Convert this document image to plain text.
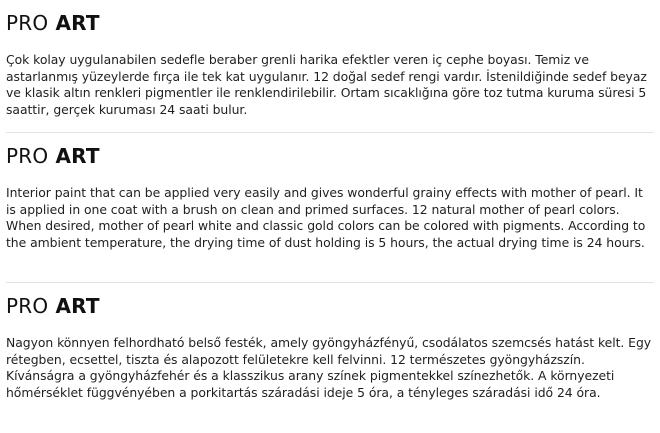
PRO ART

Çok kolay uygulanabilen sedefle beraber grenli harika efektler veren iç cephe boyası. Temiz ve astarlanmış yüzeylerde fırça ile tek kat uygulanır. 12 doğal sedef rengi vardır. İstenildiğinde sedef beyaz ve klasik altın renkleri pigmentler ile renklendirilebilir. Ortam sıcaklığına göre toz tutma kuruma süresi 5 saattir, gerçek kuruması 24 saati bulur.

PRO ART

Interior paint that can be applied very easily and gives wonderful grainy effects with mother of pearl. It is applied in one coat with a brush on clean and primed surfaces. 12 natural mother of pearl colors. When desired, mother of pearl white and classic gold colors can be colored with pigments. According to the ambient temperature, the drying time of dust holding is 5 hours, the actual drying time is 24 hours.

PRO ART

Nagyon könnyen felhordható belső festék, amely gyöngyházfényű, csodálatos szemcsés hatást kelt. Egy rétegben, ecsettel, tiszta és alapozott felületekre kell felvinni. 12 természetes gyöngyházszín. Kívánságra a gyöngyházfehér és a klasszikus arany színek pigmentekkel színezhetők. A környezeti hőmérséklet függvényében a porkitartás száradási ideje 5 óra, a tényleges száradási idő 24 óra.
